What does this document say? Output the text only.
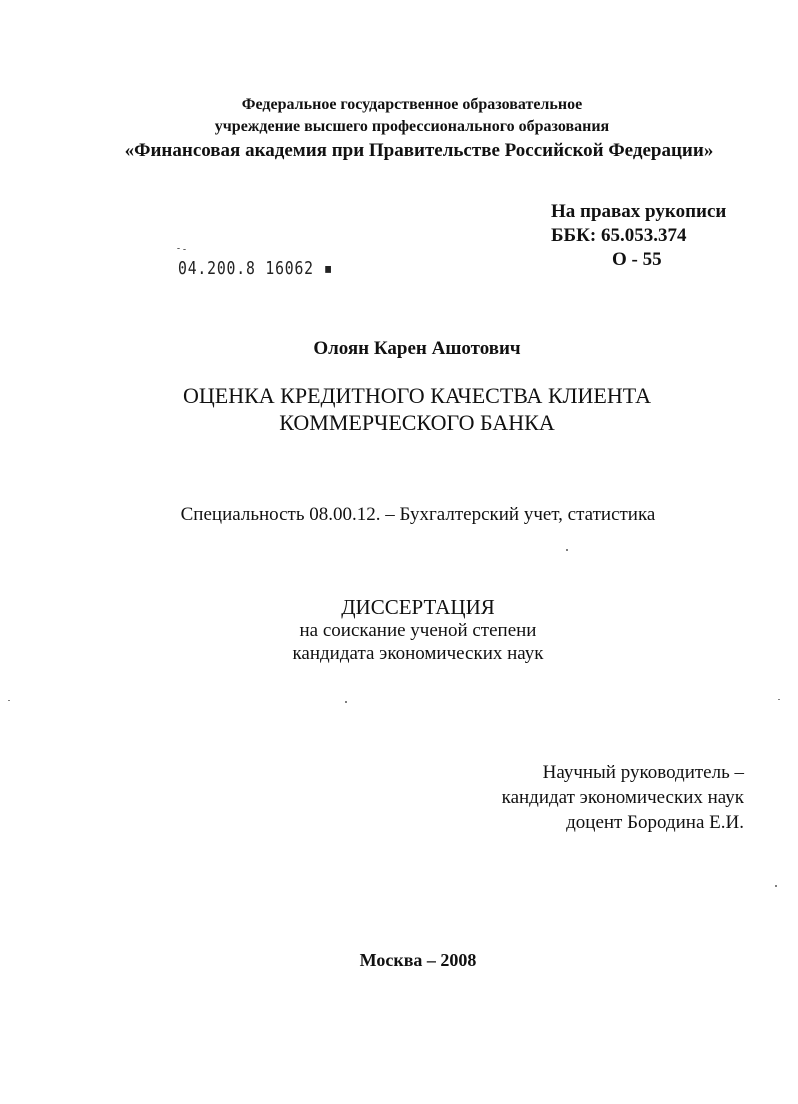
Федеральное государственное образовательное
учреждение высшего профессионального образования
«Финансовая академия при Правительстве Российской Федерации»
На правах рукописи
ББК: 65.053.374
О - 55
04.200.8 16062 ▪
Олоян Карен Ашотович
ОЦЕНКА КРЕДИТНОГО КАЧЕСТВА КЛИЕНТА
КОММЕРЧЕСКОГО БАНКА
Специальность 08.00.12. – Бухгалтерский учет, статистика
ДИССЕРТАЦИЯ
на соискание ученой степени
кандидата экономических наук
Научный руководитель –
кандидат экономических наук
доцент Бородина Е.И.
Москва – 2008
